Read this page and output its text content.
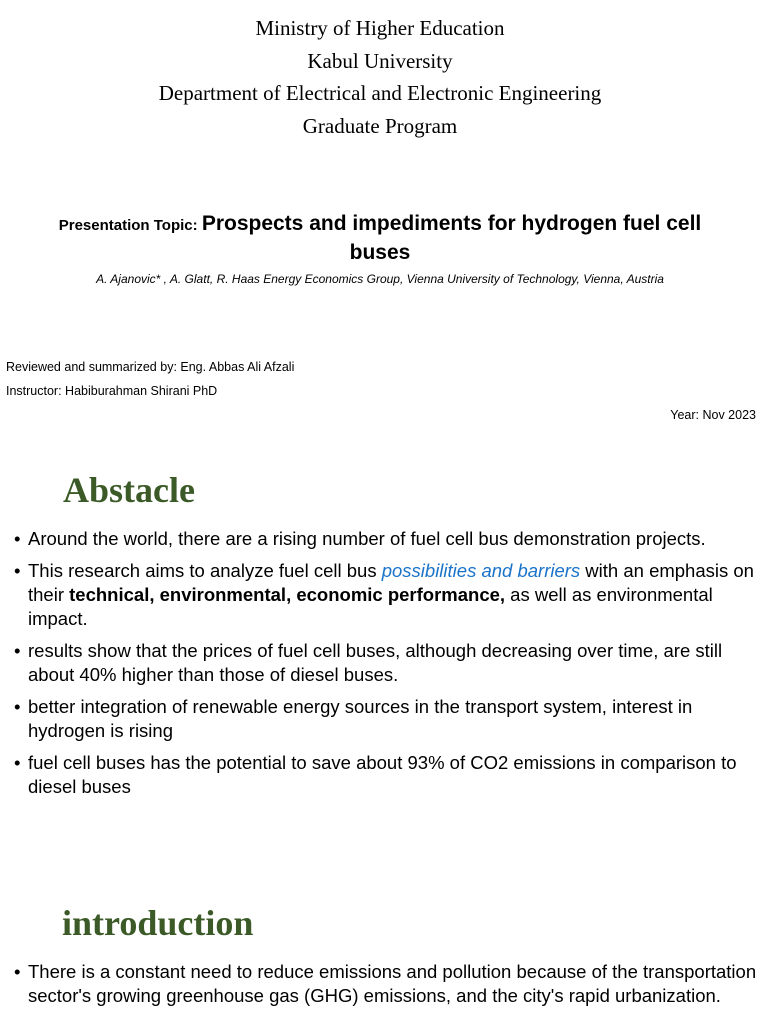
Ministry of Higher Education
Kabul University
Department of Electrical and Electronic Engineering
Graduate Program
Presentation Topic: Prospects and impediments for hydrogen fuel cell buses
A. Ajanovic* , A. Glatt, R. Haas Energy Economics Group, Vienna University of Technology, Vienna, Austria
Reviewed and summarized by: Eng. Abbas Ali Afzali
Instructor: Habiburahman Shirani PhD
Year: Nov 2023
Abstacle
• Around the world, there are a rising number of fuel cell bus demonstration projects.
• This research aims to analyze fuel cell bus possibilities and barriers with an emphasis on their technical, environmental, economic performance, as well as environmental impact.
• results show that the prices of fuel cell buses, although decreasing over time, are still about 40% higher than those of diesel buses.
• better integration of renewable energy sources in the transport system, interest in hydrogen is rising
• fuel cell buses has the potential to save about 93% of CO2 emissions in comparison to diesel buses
introduction
• There is a constant need to reduce emissions and pollution because of the transportation sector's growing greenhouse gas (GHG) emissions, and the city's rapid urbanization.
